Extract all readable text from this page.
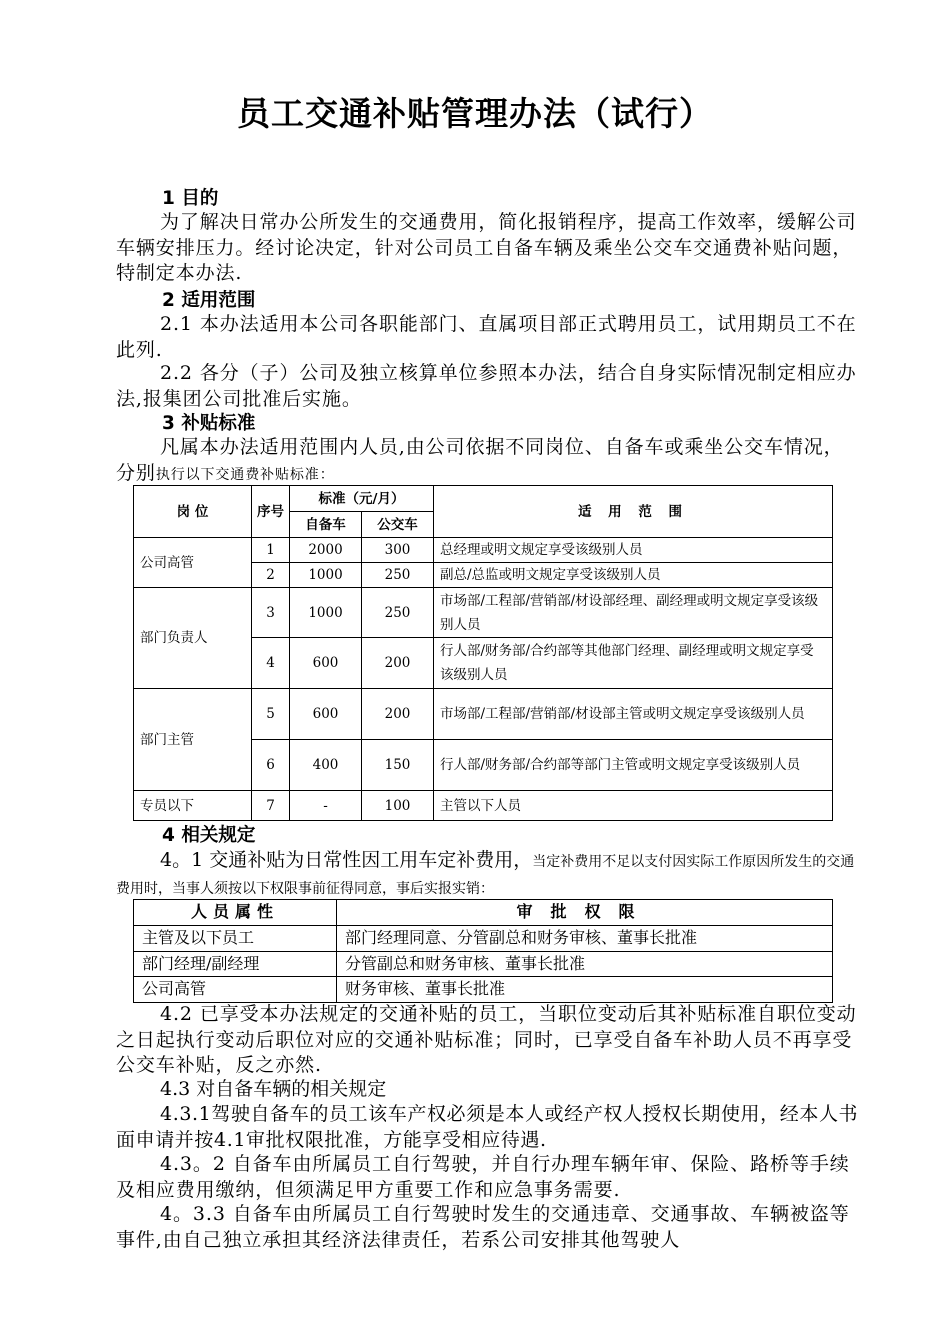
员工交通补贴管理办法（试行）
1 目的
为了解决日常办公所发生的交通费用，简化报销程序，提高工作效率，缓解公司车辆安排压力。经讨论决定，针对公司员工自备车辆及乘坐公交车交通费补贴问题，特制定本办法.
2 适用范围
2.1 本办法适用本公司各职能部门、直属项目部正式聘用员工，试用期员工不在此列.
2.2 各分（子）公司及独立核算单位参照本办法，结合自身实际情况制定相应办法,报集团公司批准后实施。
3 补贴标准
凡属本办法适用范围内人员,由公司依据不同岗位、自备车或乘坐公交车情况，分别执行以下交通费补贴标准：
岗 位	序号	标准（元/月）		适 用 范 围
		自备车	公交车	
公司高管	1	2000	300	总经理或明文规定享受该级别人员
	2	1000	250	副总/总监或明文规定享受该级别人员
部门负责人	3	1000	250	市场部/工程部/营销部/材设部经理、副经理或明文规定享受该级别人员
	4	600	200	行人部/财务部/合约部等其他部门经理、副经理或明文规定享受该级别人员
部门主管	5	600	200	市场部/工程部/营销部/材设部主管或明文规定享受该级别人员
	6	400	150	行人部/财务部/合约部等部门主管或明文规定享受该级别人员
专员以下	7	-	100	主管以下人员
4 相关规定
4。1 交通补贴为日常性因工用车定补费用，当定补费用不足以支付因实际工作原因所发生的交通费用时，当事人须按以下权限事前征得同意，事后实报实销：
人员属性	审批权限
主管及以下员工	部门经理同意、分管副总和财务审核、董事长批准
部门经理/副经理	分管副总和财务审核、董事长批准
公司高管	财务审核、董事长批准
4.2 已享受本办法规定的交通补贴的员工，当职位变动后其补贴标准自职位变动之日起执行变动后职位对应的交通补贴标准；同时，已享受自备车补助人员不再享受公交车补贴，反之亦然.
4.3 对自备车辆的相关规定
4.3.1驾驶自备车的员工该车产权必须是本人或经产权人授权长期使用，经本人书面申请并按4.1审批权限批准，方能享受相应待遇.
4.3。2 自备车由所属员工自行驾驶，并自行办理车辆年审、保险、路桥等手续及相应费用缴纳，但须满足甲方重要工作和应急事务需要.
4。3.3 自备车由所属员工自行驾驶时发生的交通违章、交通事故、车辆被盗等事件,由自己独立承担其经济法律责任，若系公司安排其他驾驶人
